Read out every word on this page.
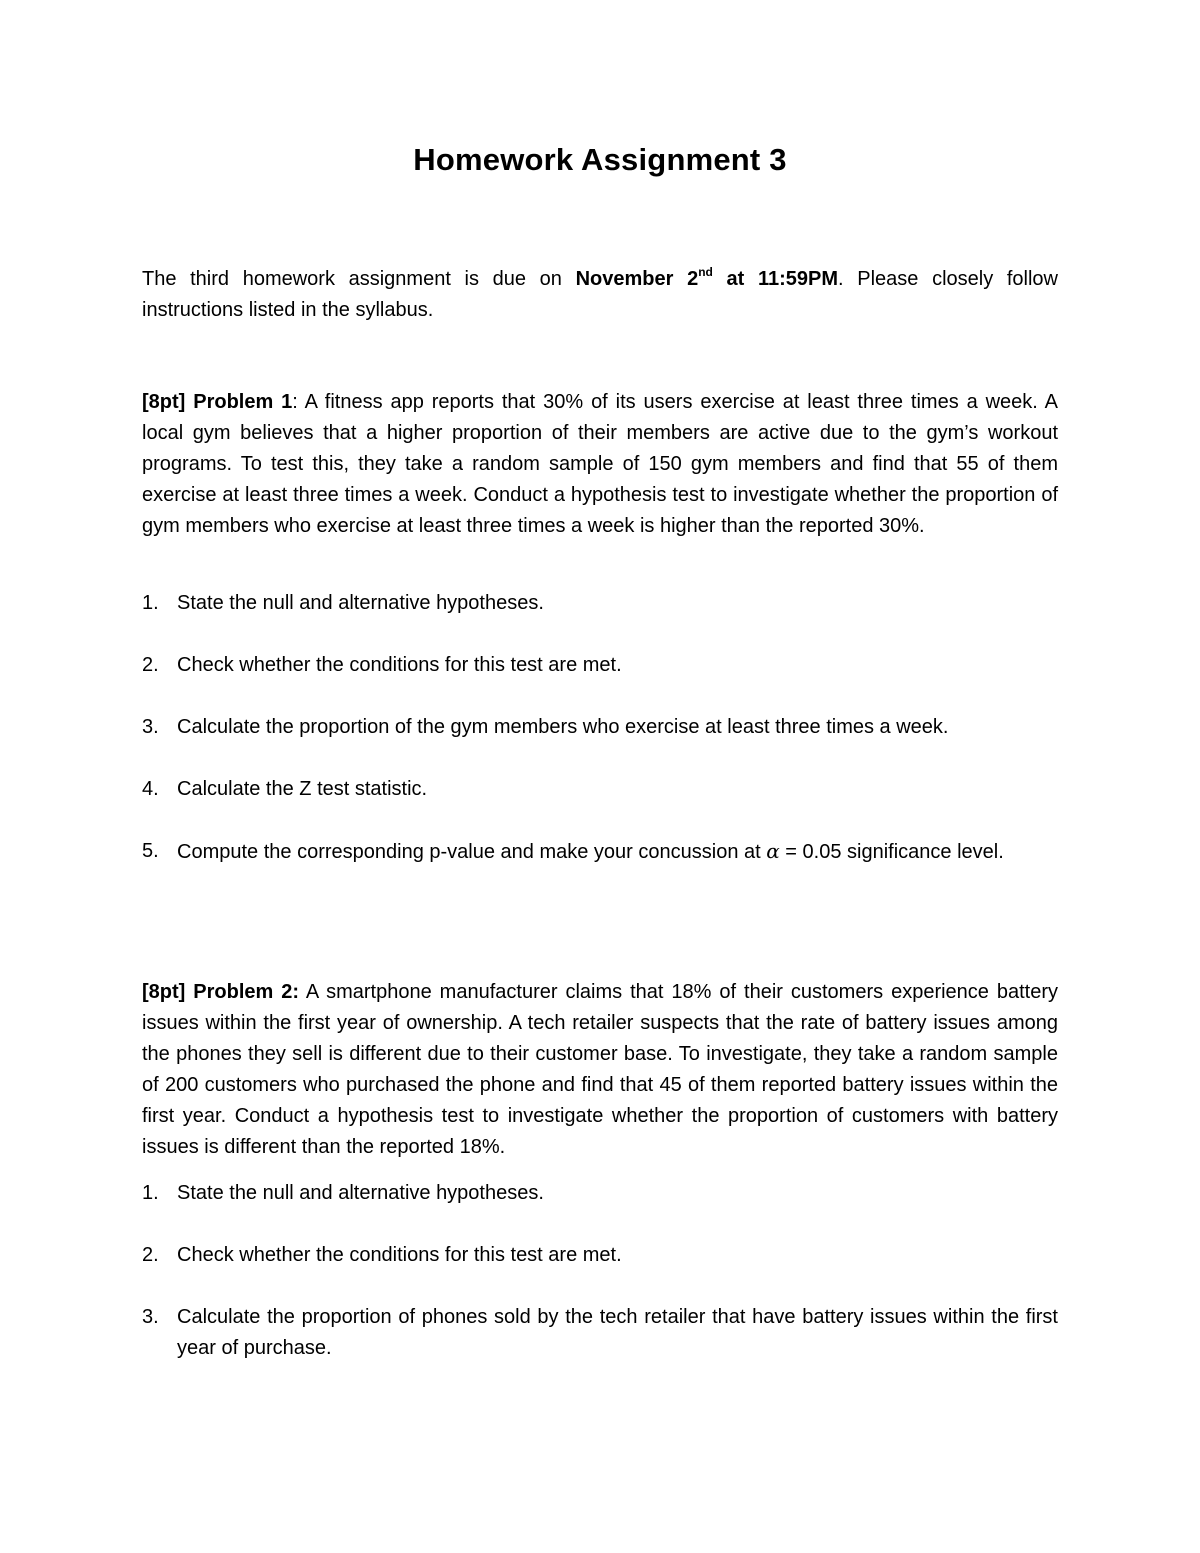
Homework Assignment 3
The third homework assignment is due on November 2nd at 11:59PM. Please closely follow instructions listed in the syllabus.
[8pt] Problem 1: A fitness app reports that 30% of its users exercise at least three times a week. A local gym believes that a higher proportion of their members are active due to the gym’s workout programs. To test this, they take a random sample of 150 gym members and find that 55 of them exercise at least three times a week. Conduct a hypothesis test to investigate whether the proportion of gym members who exercise at least three times a week is higher than the reported 30%.
1. State the null and alternative hypotheses.
2. Check whether the conditions for this test are met.
3. Calculate the proportion of the gym members who exercise at least three times a week.
4. Calculate the Z test statistic.
5. Compute the corresponding p-value and make your concussion at α = 0.05 significance level.
[8pt] Problem 2: A smartphone manufacturer claims that 18% of their customers experience battery issues within the first year of ownership. A tech retailer suspects that the rate of battery issues among the phones they sell is different due to their customer base. To investigate, they take a random sample of 200 customers who purchased the phone and find that 45 of them reported battery issues within the first year. Conduct a hypothesis test to investigate whether the proportion of customers with battery issues is different than the reported 18%.
1. State the null and alternative hypotheses.
2. Check whether the conditions for this test are met.
3. Calculate the proportion of phones sold by the tech retailer that have battery issues within the first year of purchase.
